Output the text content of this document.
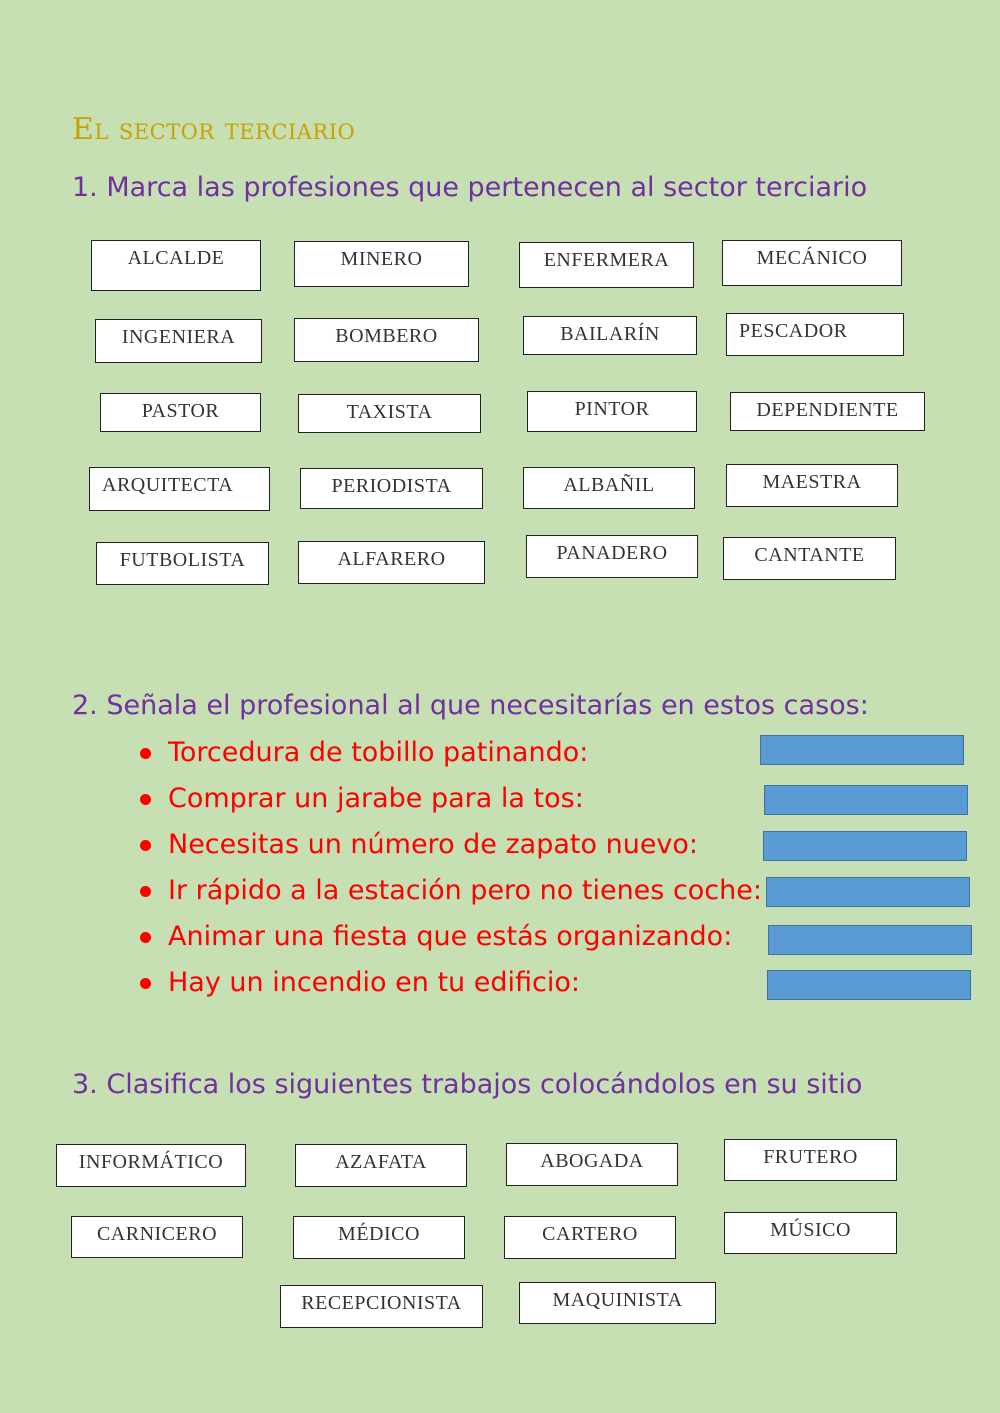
El sector terciario
1. Marca las profesiones que pertenecen al sector terciario
ALCALDE	MINERO	ENFERMERA	MECÁNICO
INGENIERA	BOMBERO	BAILARÍN	PESCADOR
PASTOR	TAXISTA	PINTOR	DEPENDIENTE
ARQUITECTA	PERIODISTA	ALBAÑIL	MAESTRA
FUTBOLISTA	ALFARERO	PANADERO	CANTANTE
2. Señala el profesional al que necesitarías en estos casos:
Torcedura de tobillo patinando:
Comprar un jarabe para la tos:
Necesitas un número de zapato nuevo:
Ir rápido a la estación pero no tienes coche:
Animar una fiesta que estás organizando:
Hay un incendio en tu edificio:
3. Clasifica los siguientes trabajos colocándolos en su sitio
INFORMÁTICO	AZAFATA	ABOGADA	FRUTERO
CARNICERO	MÉDICO	CARTERO	MÚSICO
RECEPCIONISTA	MAQUINISTA
